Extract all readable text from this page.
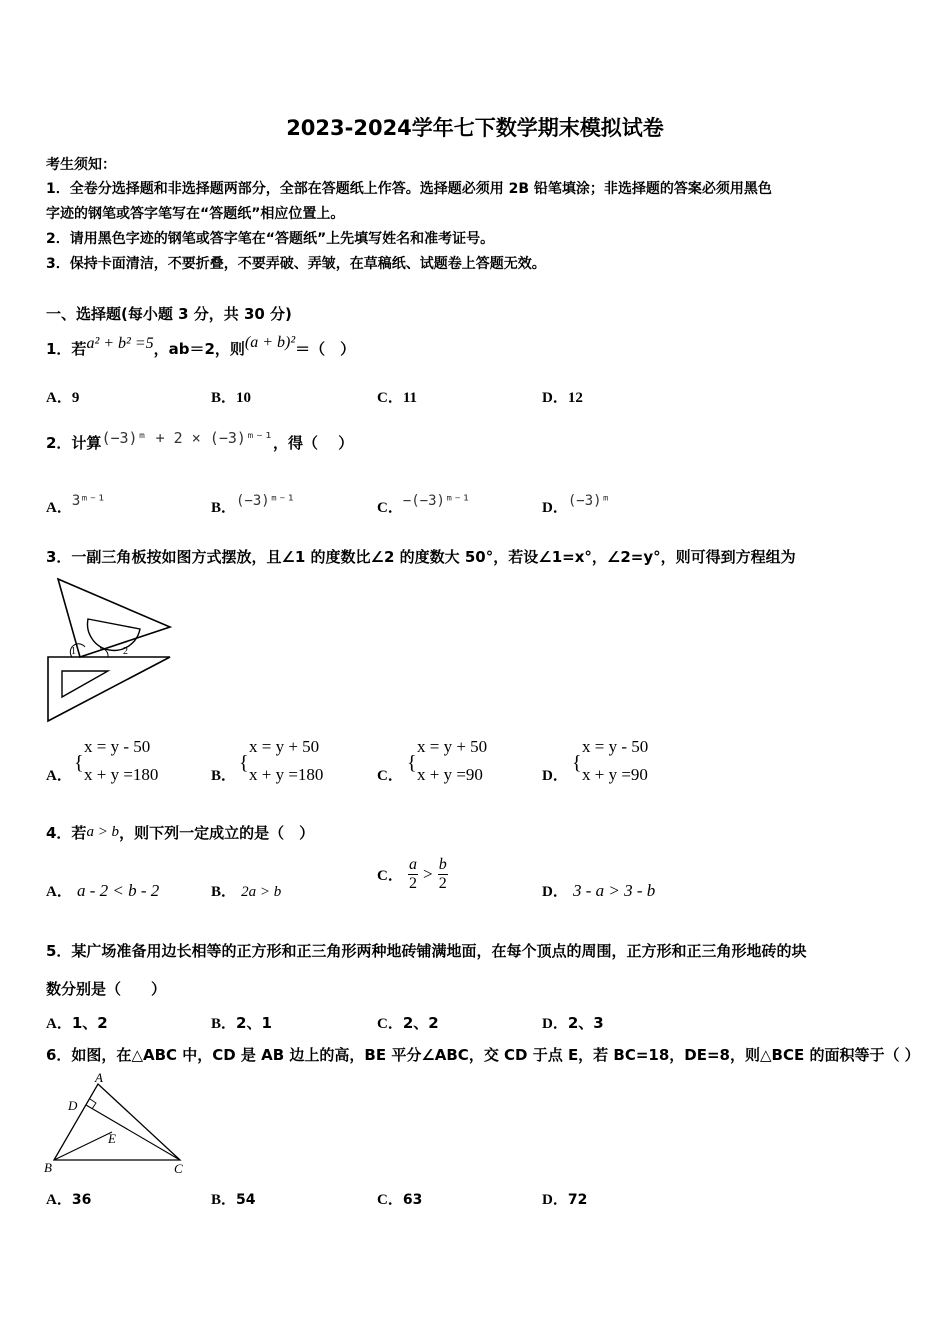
2023-2024学年七下数学期末模拟试卷
考生须知：
1．全卷分选择题和非选择题两部分，全部在答题纸上作答。选择题必须用 2B 铅笔填涂；非选择题的答案必须用黑色
字迹的钢笔或答字笔写在“答题纸”相应位置上。
2．请用黑色字迹的钢笔或答字笔在“答题纸”上先填写姓名和准考证号。
3．保持卡面清洁，不要折叠，不要弄破、弄皱，在草稿纸、试题卷上答题无效。
一、选择题(每小题 3 分，共 30 分)
1．若a² + b² =5，ab＝2，则(a + b)²＝（　）
A．9	B．10	C．11	D．12
2．计算(−3)ᵐ + 2 × (−3)ᵐ⁻¹，得（　 ）
A．3ᵐ⁻¹	B．(−3)ᵐ⁻¹	C．−(−3)ᵐ⁻¹	D．(−3)ᵐ
3．一副三角板按如图方式摆放，且∠1 的度数比∠2 的度数大 50°，若设∠1=x°，∠2=y°，则可得到方程组为
1	2
A．
{
x = y - 50
x + y =180	B．
{
x = y + 50
x + y =180	C．
{
x = y + 50
x + y =90	D．
{
x = y - 50
x + y =90
4．若a > b，则下列一定成立的是（　）
A． a - 2 < b - 2	B． 2a > b
C． $\frac{a}{2} > \frac{b}{2}$	D． 3 - a > 3 - b
5．某广场准备用边长相等的正方形和正三角形两种地砖铺满地面，在每个顶点的周围，正方形和正三角形地砖的块
数分别是（　　）
A．1、2	B．2、1	C．2、2	D．2、3
6．如图，在△ABC 中，CD 是 AB 边上的高，BE 平分∠ABC，交 CD 于点 E，若 BC=18，DE=8，则△BCE 的面积等于（ ）
A
D
E
B	C
A．36	B．54	C．63	D．72
